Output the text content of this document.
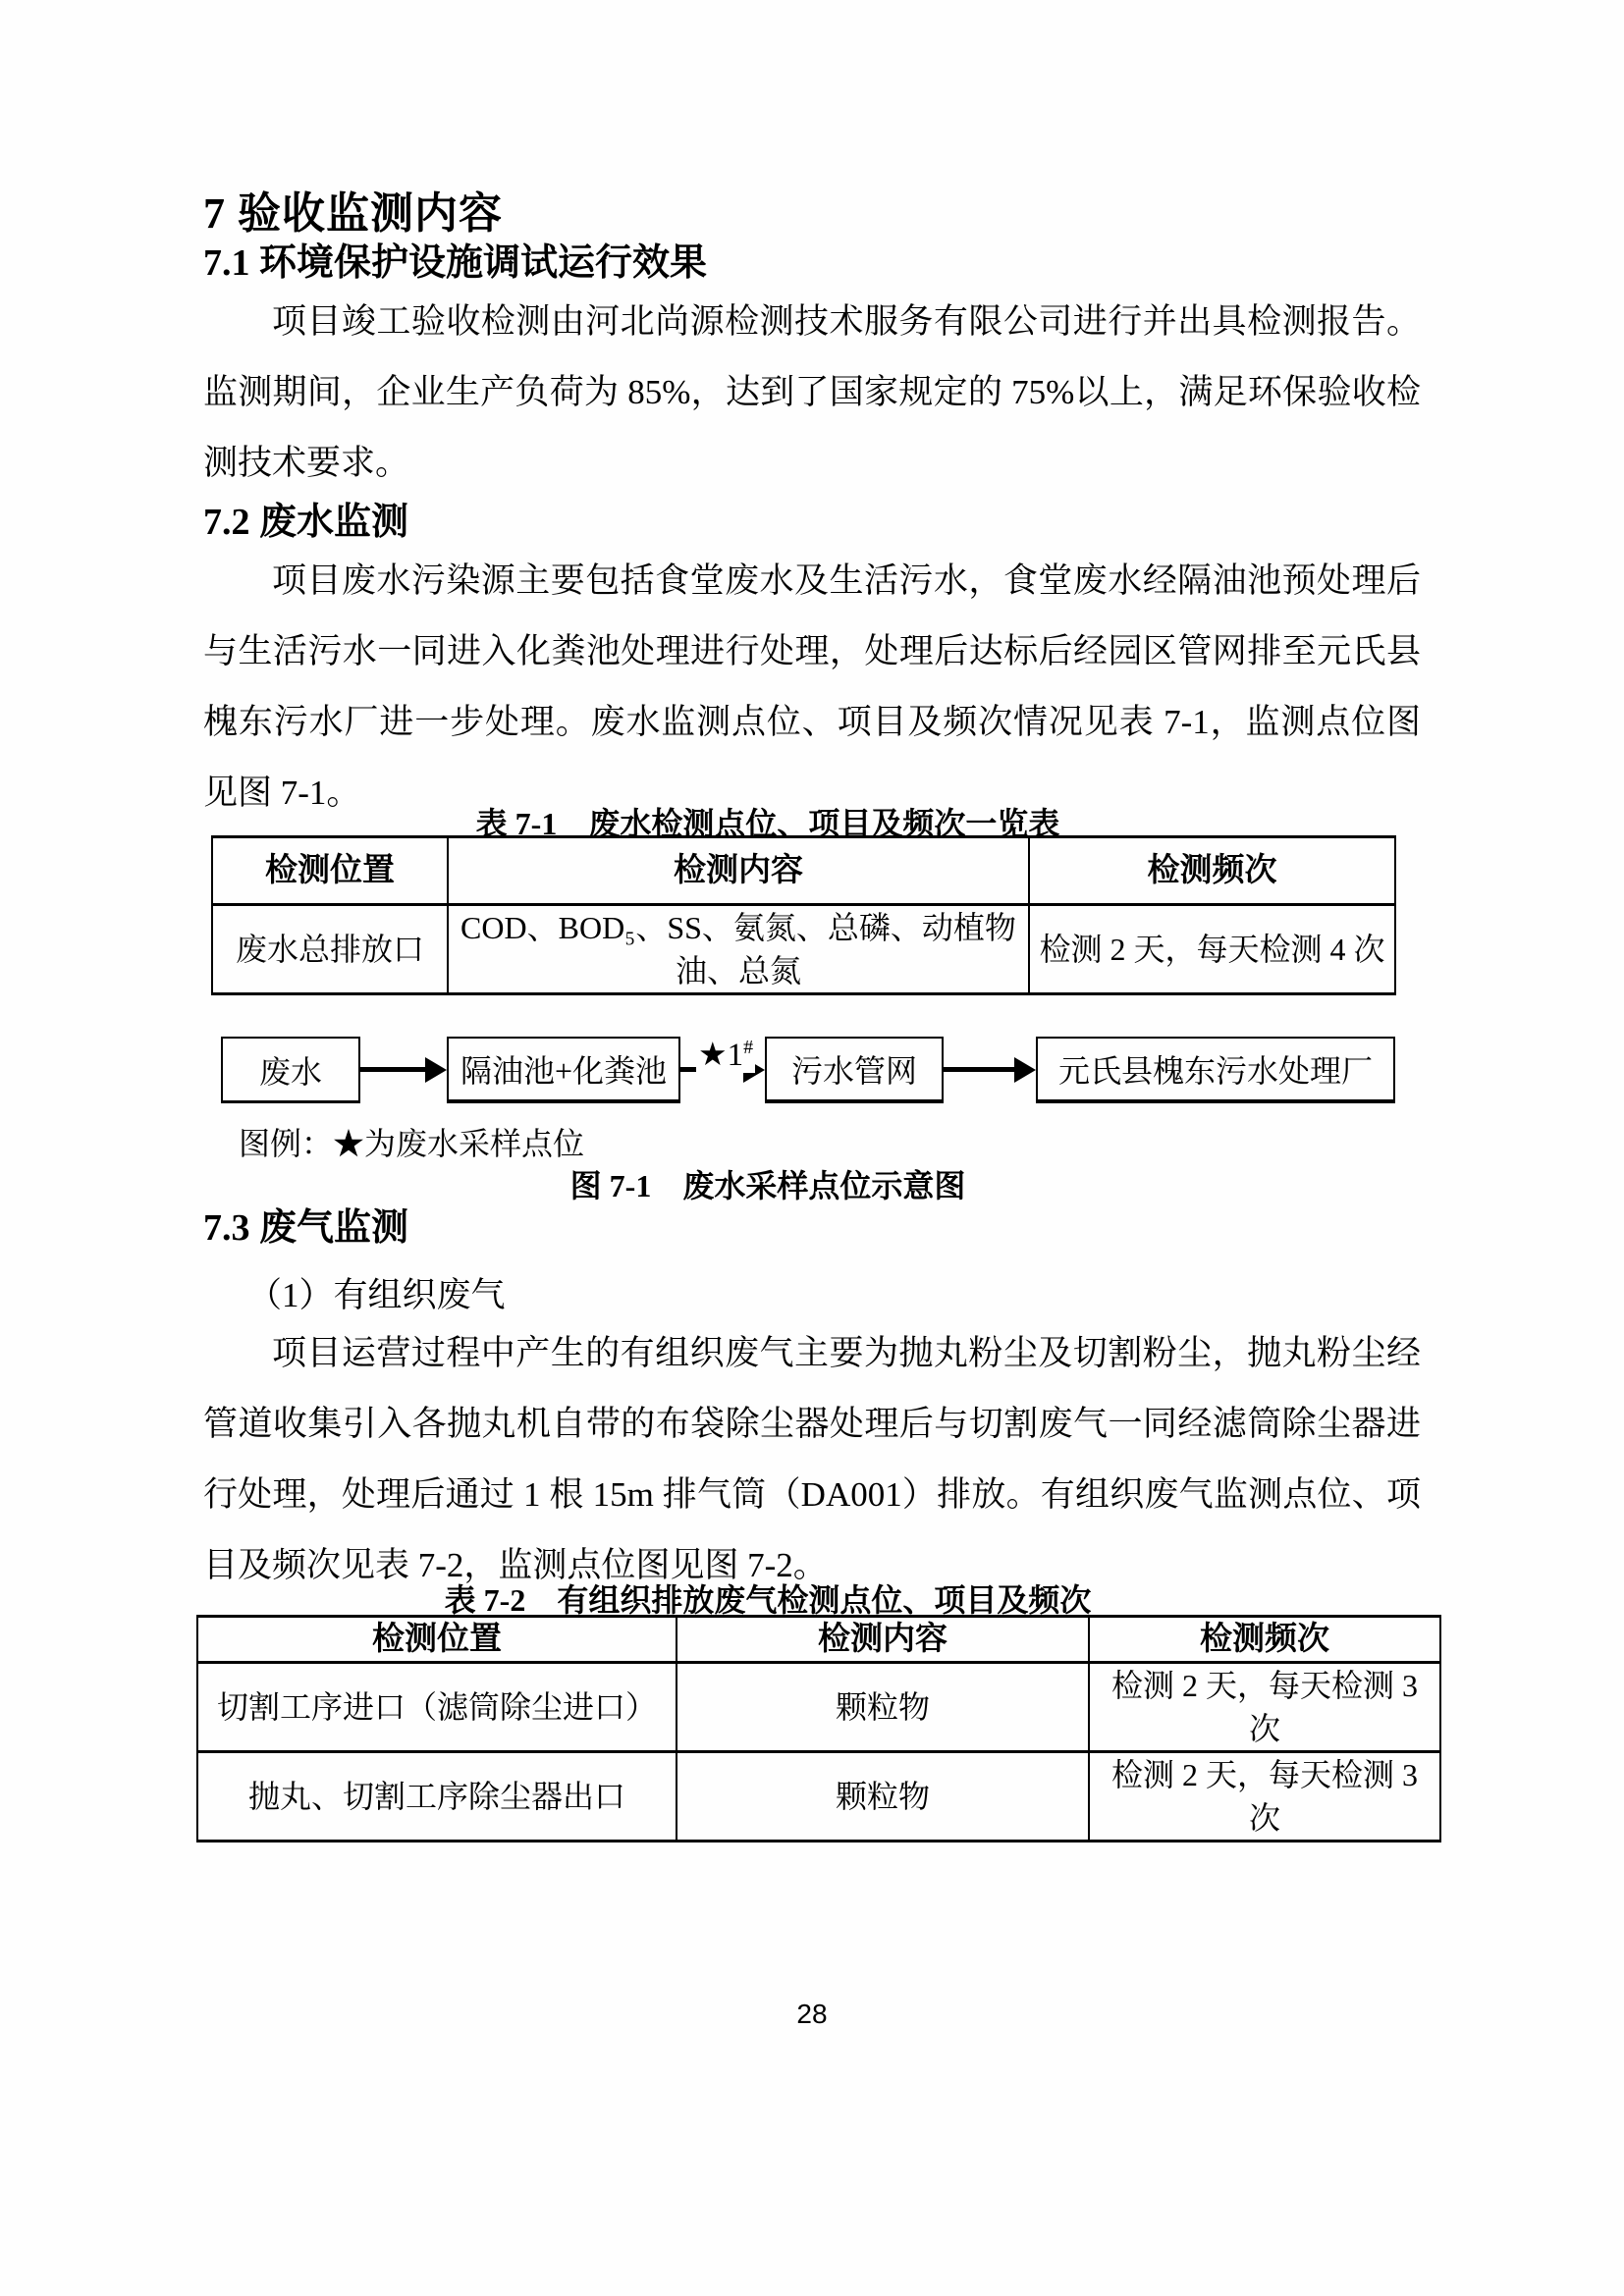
7 验收监测内容
7.1 环境保护设施调试运行效果

项目竣工验收检测由河北尚源检测技术服务有限公司进行并出具检测报告。监测期间，企业生产负荷为 85%，达到了国家规定的 75%以上，满足环保验收检测技术要求。

7.2 废水监测

项目废水污染源主要包括食堂废水及生活污水，食堂废水经隔油池预处理后与生活污水一同进入化粪池处理进行处理，处理后达标后经园区管网排至元氏县槐东污水厂进一步处理。废水监测点位、项目及频次情况见表 7-1，监测点位图见图 7-1。

表 7-1　废水检测点位、项目及频次一览表
检测位置	检测内容	检测频次
废水总排放口	COD、BOD₅、SS、氨氮、总磷、动植物油、总氮	检测 2 天，每天检测 4 次
废水	隔油池+化粪池 ★1#
污水管网	元氏县槐东污水处理厂
图例：★为废水采样点位
图 7-1　废水采样点位示意图
7.3 废气监测

（1）有组织废气

项目运营过程中产生的有组织废气主要为抛丸粉尘及切割粉尘，抛丸粉尘经管道收集引入各抛丸机自带的布袋除尘器处理后与切割废气一同经滤筒除尘器进行处理，处理后通过 1 根 15m 排气筒（DA001）排放。有组织废气监测点位、项目及频次见表 7-2，监测点位图见图 7-2。

表 7-2　有组织排放废气检测点位、项目及频次
检测位置	检测内容	检测频次
切割工序进口（滤筒除尘进口）	颗粒物	检测 2 天，每天检测 3 次
抛丸、切割工序除尘器出口	颗粒物	检测 2 天，每天检测 3 次
28
